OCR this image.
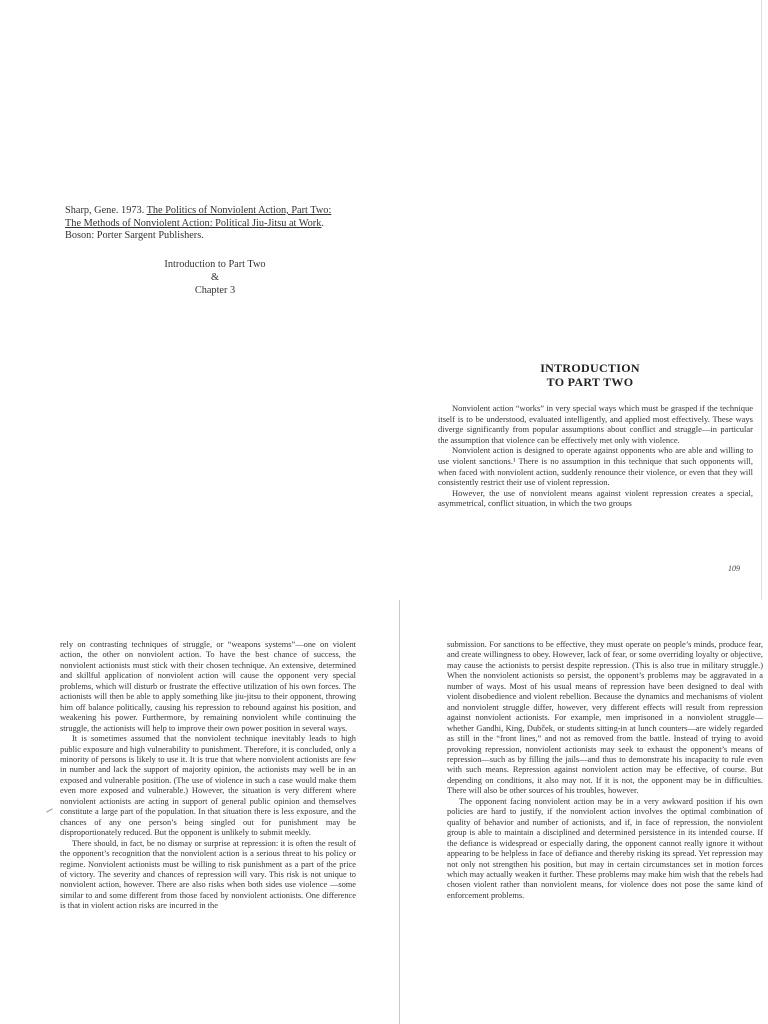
Sharp, Gene. 1973. The Politics of Nonviolent Action, Part Two: The Methods of Nonviolent Action: Political Jiu-Jitsu at Work. Boson: Porter Sargent Publishers.
Introduction to Part Two
&
Chapter 3
INTRODUCTION
TO PART TWO

Nonviolent action “works” in very special ways which must be grasped if the technique itself is to be understood, evaluated intelligently, and applied most effectively. These ways diverge significantly from popular assumptions about conflict and struggle—in particular the assumption that violence can be effectively met only with violence.

Nonviolent action is designed to operate against opponents who are able and willing to use violent sanctions.¹ There is no assumption in this technique that such opponents will, when faced with nonviolent action, suddenly renounce their violence, or even that they will consistently restrict their use of violent repression.

However, the use of nonviolent means against violent repression creates a special, asymmetrical, conflict situation, in which the two groups

109

rely on contrasting techniques of struggle, or “weapons systems”—one on violent action, the other on nonviolent action. To have the best chance of success, the nonviolent actionists must stick with their chosen technique. An extensive, determined and skillful application of nonviolent action will cause the opponent very special problems, which will disturb or frustrate the effective utilization of his own forces. The actionists will then be able to apply something like jiu-jitsu to their opponent, throwing him off balance politically, causing his repression to rebound against his position, and weakening his power. Furthermore, by remaining nonviolent while continuing the struggle, the actionists will help to improve their own power position in several ways.

It is sometimes assumed that the nonviolent technique inevitably leads to high public exposure and high vulnerability to punishment. Therefore, it is concluded, only a minority of persons is likely to use it. It is true that where nonviolent actionists are few in number and lack the support of majority opinion, the actionists may well be in an exposed and vulnerable position. (The use of violence in such a case would make them even more exposed and vulnerable.) However, the situation is very different where nonviolent actionists are acting in support of general public opinion and themselves constitute a large part of the population. In that situation there is less exposure, and the chances of any one person’s being singled out for punishment may be disproportionately reduced. But the opponent is unlikely to submit meekly.

There should, in fact, be no dismay or surprise at repression: it is often the result of the opponent’s recognition that the nonviolent action is a serious threat to his policy or regime. Nonviolent actionists must be willing to risk punishment as a part of the price of victory. The severity and chances of repression will vary. This risk is not unique to nonviolent action, however. There are also risks when both sides use violence —some similar to and some different from those faced by nonviolent actionists. One difference is that in violent action risks are incurred in the

submission. For sanctions to be effective, they must operate on people’s minds, produce fear, and create willingness to obey. However, lack of fear, or some overriding loyalty or objective, may cause the actionists to persist despite repression. (This is also true in military struggle.) When the nonviolent actionists so persist, the opponent’s problems may be aggravated in a number of ways. Most of his usual means of repression have been designed to deal with violent disobedience and violent rebellion. Because the dynamics and mechanisms of violent and nonviolent struggle differ, however, very different effects will result from repression against nonviolent actionists. For example, men imprisoned in a nonviolent struggle—whether Gandhi, King, Dubček, or students sitting-in at lunch counters—are widely regarded as still in the “front lines,” and not as removed from the battle. Instead of trying to avoid provoking repression, nonviolent actionists may seek to exhaust the opponent’s means of repression—such as by filling the jails—and thus to demonstrate his incapacity to rule even with such means. Repression against nonviolent action may be effective, of course. But depending on conditions, it also may not. If it is not, the opponent may be in difficulties. There will also be other sources of his troubles, however.

The opponent facing nonviolent action may be in a very awkward position if his own policies are hard to justify, if the nonviolent action involves the optimal combination of quality of behavior and number of actionists, and if, in face of repression, the nonviolent group is able to maintain a disciplined and determined persistence in its intended course. If the defiance is widespread or especially daring, the opponent cannot really ignore it without appearing to be helpless in face of defiance and thereby risking its spread. Yet repression may not only not strengthen his position, but may in certain circumstances set in motion forces which may actually weaken it further. These problems may make him wish that the rebels had chosen violent rather than nonviolent means, for violence does not pose the same kind of enforcement problems.
